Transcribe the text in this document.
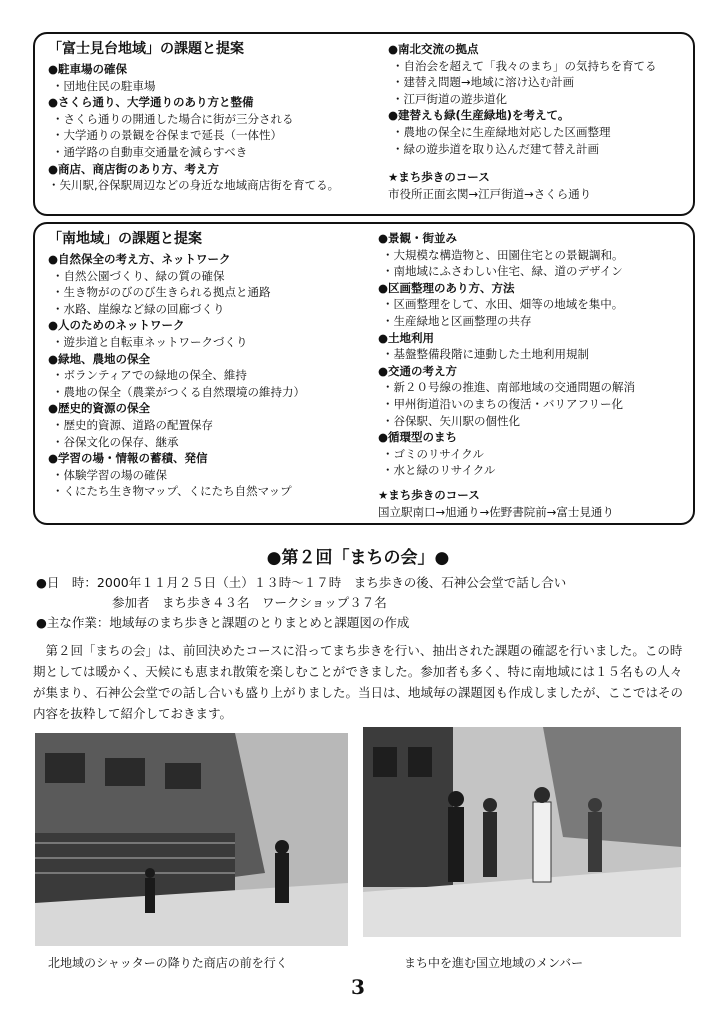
「富士見台地域」の課題と提案
●駐車場の確保
・団地住民の駐車場
●さくら通り、大学通りのあり方と整備
・さくら通りの開通した場合に街が三分される
・大学通りの景観を谷保まで延長（一体性）
・通学路の自動車交通量を減らすべき
●商店、商店街のあり方、考え方
・矢川駅,谷保駅周辺などの身近な地域商店街を育てる。
●南北交流の拠点
・自治会を超えて「我々のまち」の気持ちを育てる
・建替え問題→地域に溶け込む計画
・江戸街道の遊歩道化
●建替えも緑(生産緑地)を考えて。
・農地の保全に生産緑地対応した区画整理
・緑の遊歩道を取り込んだ建て替え計画
★まち歩きのコース
市役所正面玄関→江戸街道→さくら通り
「南地域」の課題と提案
●自然保全の考え方、ネットワーク
・自然公園づくり、緑の質の確保
・生き物がのびのび生きられる拠点と通路
・水路、崖線など緑の回廊づくり
●人のためのネットワーク
・遊歩道と自転車ネットワークづくり
●緑地、農地の保全
・ボランティアでの緑地の保全、維持
・農地の保全（農業がつくる自然環境の維持力）
●歴史的資源の保全
・歴史的資源、道路の配置保存
・谷保文化の保存、継承
●学習の場・情報の蓄積、発信
・体験学習の場の確保
・くにたち生き物マップ、くにたち自然マップ
●景観・街並み
・大規模な構造物と、田園住宅との景観調和。
・南地域にふさわしい住宅、緑、道のデザイン
●区画整理のあり方、方法
・区画整理をして、水田、畑等の地域を集中。
・生産緑地と区画整理の共存
●土地利用
・基盤整備段階に連動した土地利用規制
●交通の考え方
・新２０号線の推進、南部地域の交通問題の解消
・甲州街道沿いのまちの復活・バリアフリー化
・谷保駅、矢川駅の個性化
●循環型のまち
・ゴミのリサイクル
・水と緑のリサイクル
★まち歩きのコース
国立駅南口→旭通り→佐野書院前→富士見通り
●第２回「まちの会」●
●日　時：2000年１１月２５日（土）１３時～１７時　まち歩きの後、石神公会堂で話し合い
参加者　まち歩き４３名　ワークショップ３７名
●主な作業：地域毎のまち歩きと課題のとりまとめと課題図の作成
第２回「まちの会」は、前回決めたコースに沿ってまち歩きを行い、抽出された課題の確認を行いました。この時期としては暖かく、天候にも恵まれ散策を楽しむことができました。参加者も多く、特に南地域には１５名もの人々が集まり、石神公会堂での話し合いも盛り上がりました。当日は、地域毎の課題図も作成しましたが、ここではその内容を抜粋して紹介しておきます。
北地域のシャッターの降りた商店の前を行く	まち中を進む国立地域のメンバー
3
